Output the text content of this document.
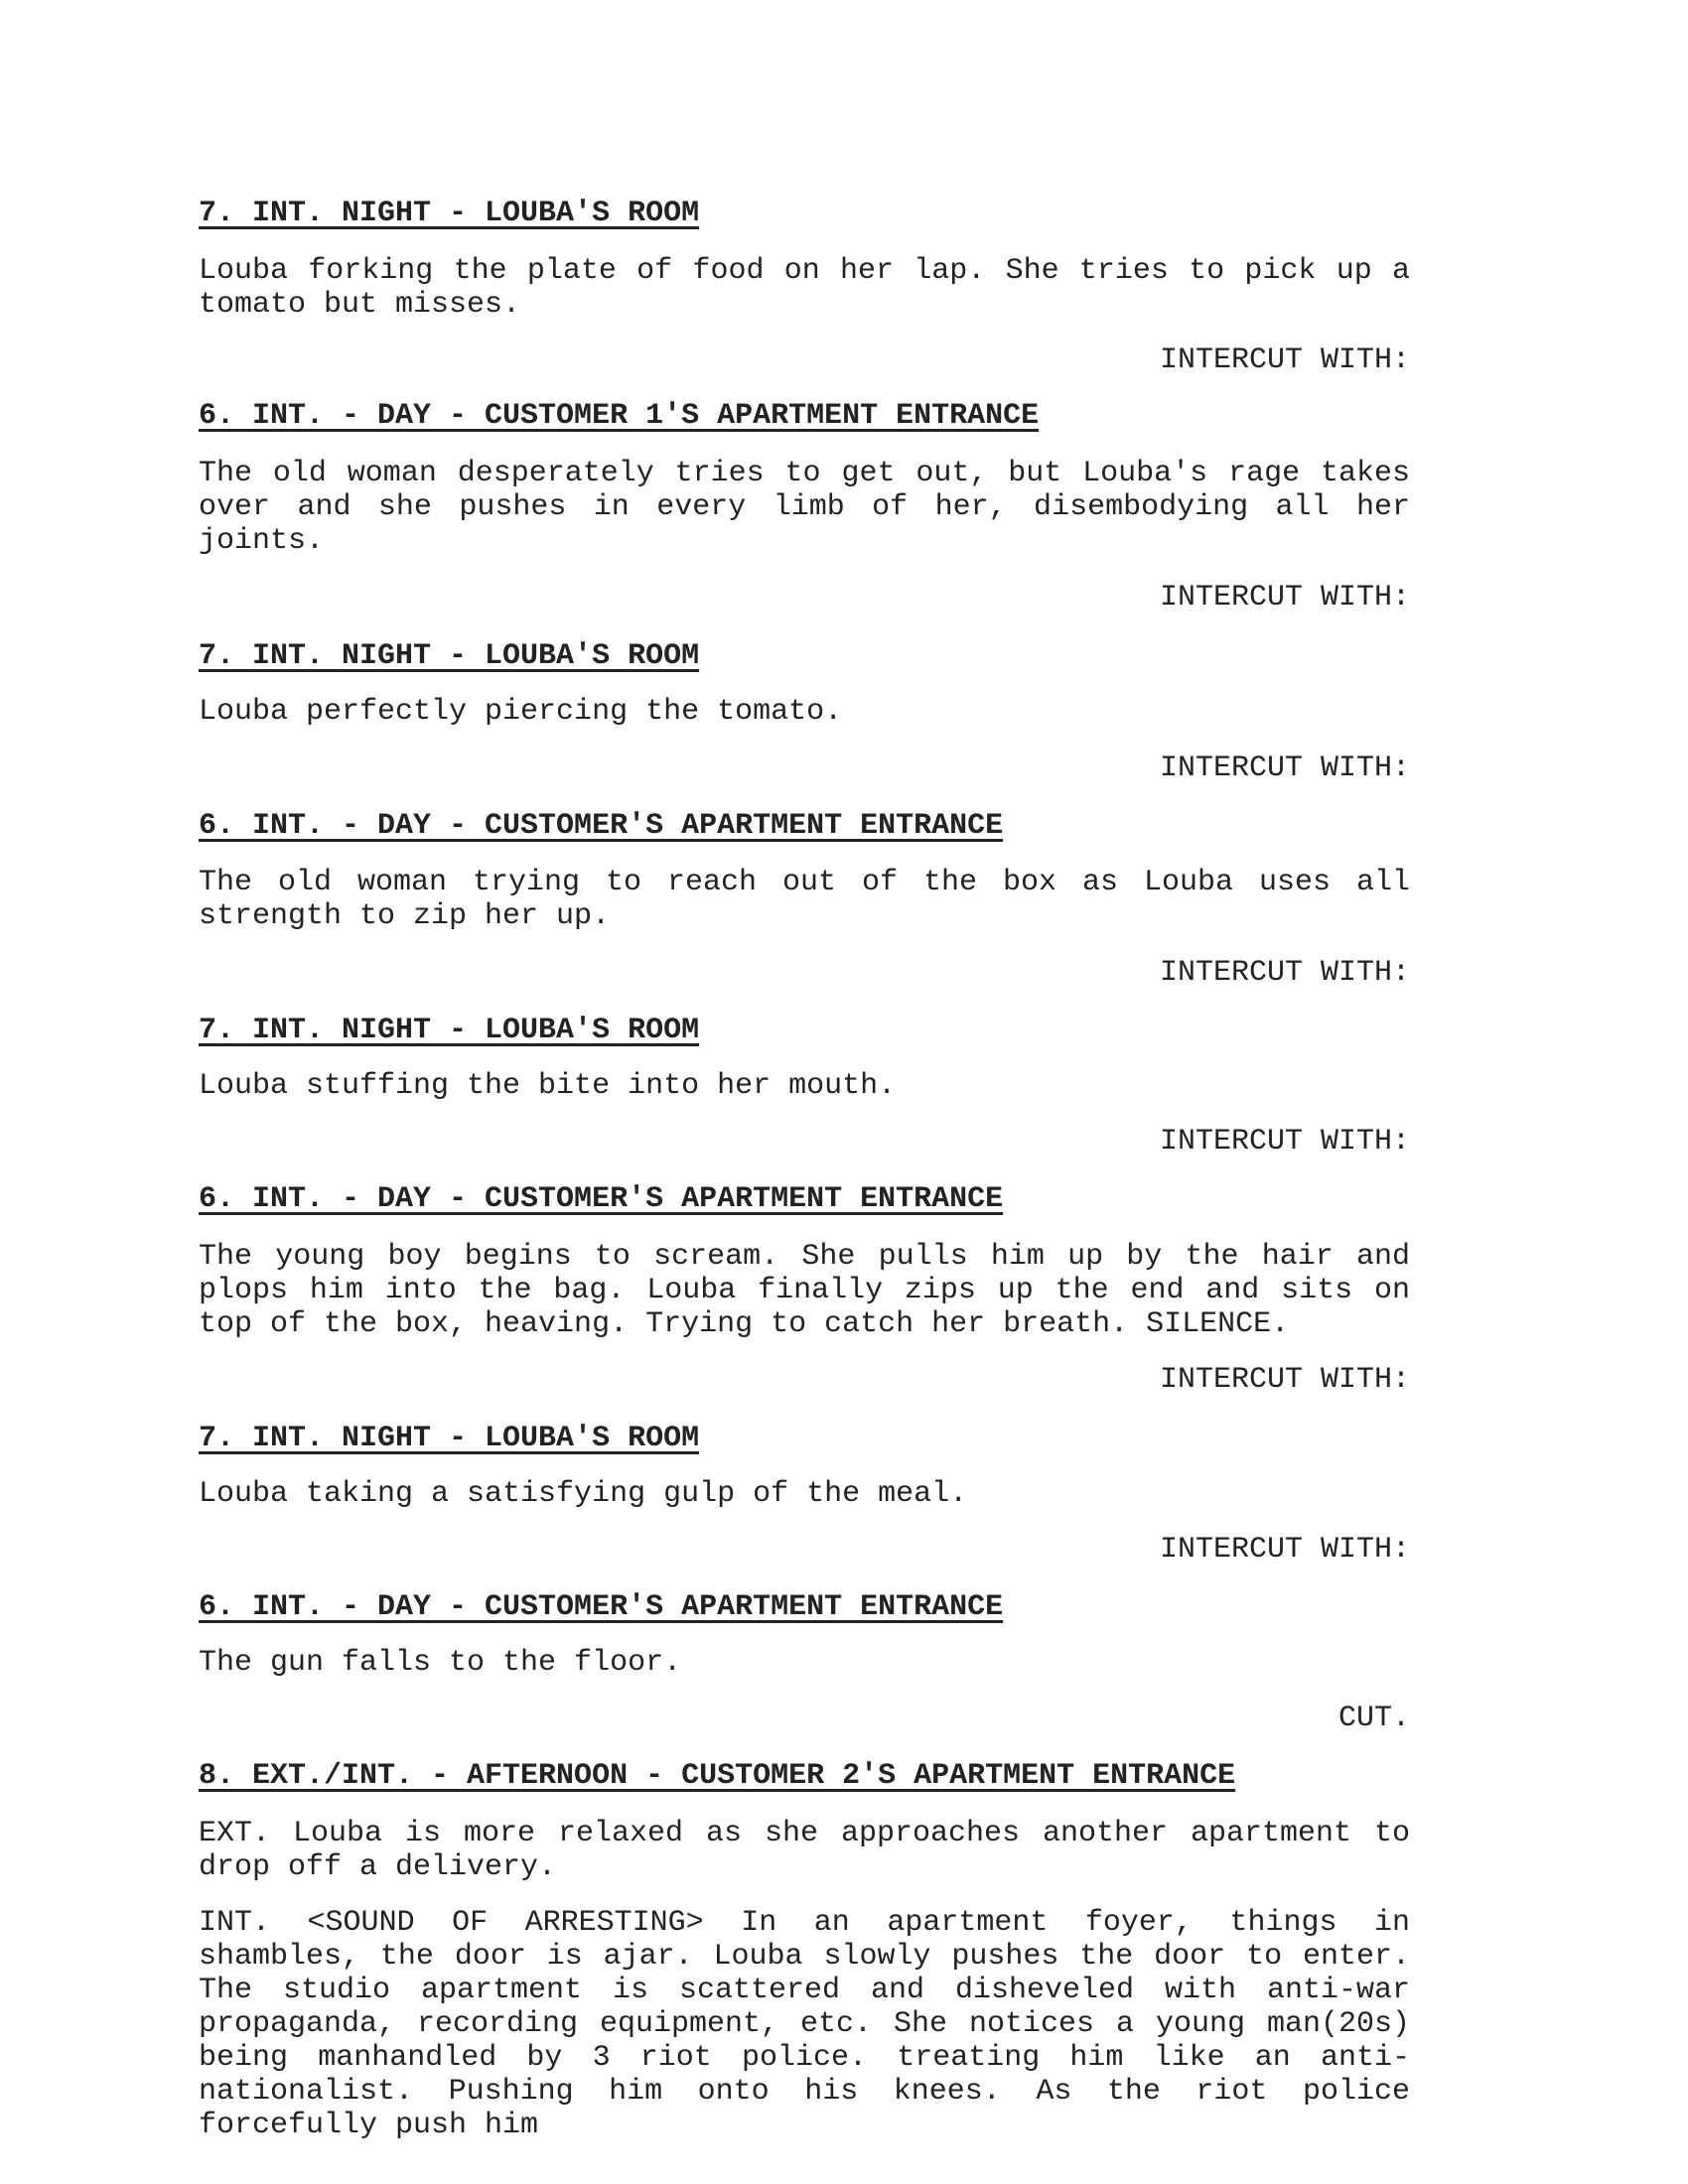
7. INT. NIGHT - LOUBA'S ROOM
Louba forking the plate of food on her lap. She tries to pick up a tomato but misses.
INTERCUT WITH:
6. INT. - DAY - CUSTOMER 1'S APARTMENT ENTRANCE
The old woman desperately tries to get out, but Louba's rage takes over and she pushes in every limb of her, disembodying all her joints.
INTERCUT WITH:
7. INT. NIGHT - LOUBA'S ROOM
Louba perfectly piercing the tomato.
INTERCUT WITH:
6. INT. - DAY - CUSTOMER'S APARTMENT ENTRANCE
The old woman trying to reach out of the box as Louba uses all strength to zip her up.
INTERCUT WITH:
7. INT. NIGHT - LOUBA'S ROOM
Louba stuffing the bite into her mouth.
INTERCUT WITH:
6. INT. - DAY - CUSTOMER'S APARTMENT ENTRANCE
The young boy begins to scream. She pulls him up by the hair and plops him into the bag. Louba finally zips up the end and sits on top of the box, heaving. Trying to catch her breath. SILENCE.
INTERCUT WITH:
7. INT. NIGHT - LOUBA'S ROOM
Louba taking a satisfying gulp of the meal.
INTERCUT WITH:
6. INT. - DAY - CUSTOMER'S APARTMENT ENTRANCE
The gun falls to the floor.
CUT.
8. EXT./INT. - AFTERNOON - CUSTOMER 2'S APARTMENT ENTRANCE
EXT. Louba is more relaxed as she approaches another apartment to drop off a delivery.
INT. <SOUND OF ARRESTING> In an apartment foyer, things in shambles, the door is ajar. Louba slowly pushes the door to enter. The studio apartment is scattered and disheveled with anti-war propaganda, recording equipment, etc. She notices a young man(20s) being manhandled by 3 riot police. treating him like an anti-nationalist. Pushing him onto his knees. As the riot police forcefully push him
